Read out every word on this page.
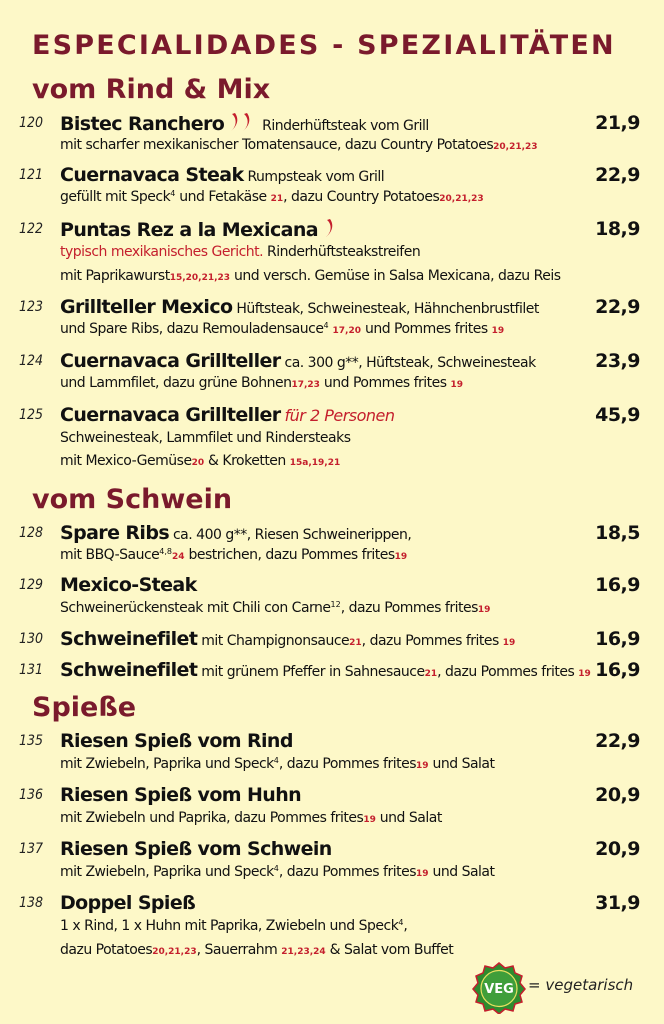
ESPECIALIDADES - SPEZIALITÄTEN
vom Rind & Mix
120 Bistec Ranchero	Rinderhüftsteak vom Grill
mit scharfer mexikanischer Tomatensauce, dazu Country Potatoes20,21,23
21,9
121 Cuernavaca Steak Rumpsteak vom Grill
gefüllt mit Speck$^4$ und Fetakäse 21, dazu Country Potatoes20,21,23
22,9
122 Puntas Rez a la Mexicana
typisch mexikanisches Gericht. Rinderhüftsteakstreifen
mit Paprikawurst15,20,21,23 und versch. Gemüse in Salsa Mexicana, dazu Reis
18,9
123 Grillteller Mexico Hüftsteak, Schweinesteak, Hähnchenbrustfilet
und Spare Ribs, dazu Remouladensauce$^4$ 17,20 und Pommes frites 19
22,9
124 Cuernavaca Grillteller ca. 300 g**, Hüftsteak, Schweinesteak
und Lammfilet, dazu grüne Bohnen17,23 und Pommes frites 19
23,9
125 Cuernavaca Grillteller für 2 Personen
Schweinesteak, Lammfilet und Rindersteaks
mit Mexico-Gemüse20 & Kroketten 15a,19,21
45,9
vom Schwein
128 Spare Ribs ca. 400 g**, Riesen Schweinerippen,
mit BBQ-Sauce$^{4,8}$24 bestrichen, dazu Pommes frites19
18,5
129 Mexico-Steak
Schweinerückensteak mit Chili con Carne$^{12}$, dazu Pommes frites19
16,9
130 Schweinefilet mit Champignonsauce21, dazu Pommes frites 19	16,9
131 Schweinefilet mit grünem Pfeffer in Sahnesauce21, dazu Pommes frites 19 16,9
Spieße
135 Riesen Spieß vom Rind
mit Zwiebeln, Paprika und Speck$^4$, dazu Pommes frites19 und Salat
22,9
136 Riesen Spieß vom Huhn
mit Zwiebeln und Paprika, dazu Pommes frites19 und Salat
20,9
137 Riesen Spieß vom Schwein
mit Zwiebeln, Paprika und Speck$^4$, dazu Pommes frites19 und Salat
20,9
138 Doppel Spieß
1 x Rind, 1 x Huhn mit Paprika, Zwiebeln und Speck$^4$,
dazu Potatoes20,21,23, Sauerrahm 21,23,24 & Salat vom Buffet
31,9
VEG = vegetarisch
